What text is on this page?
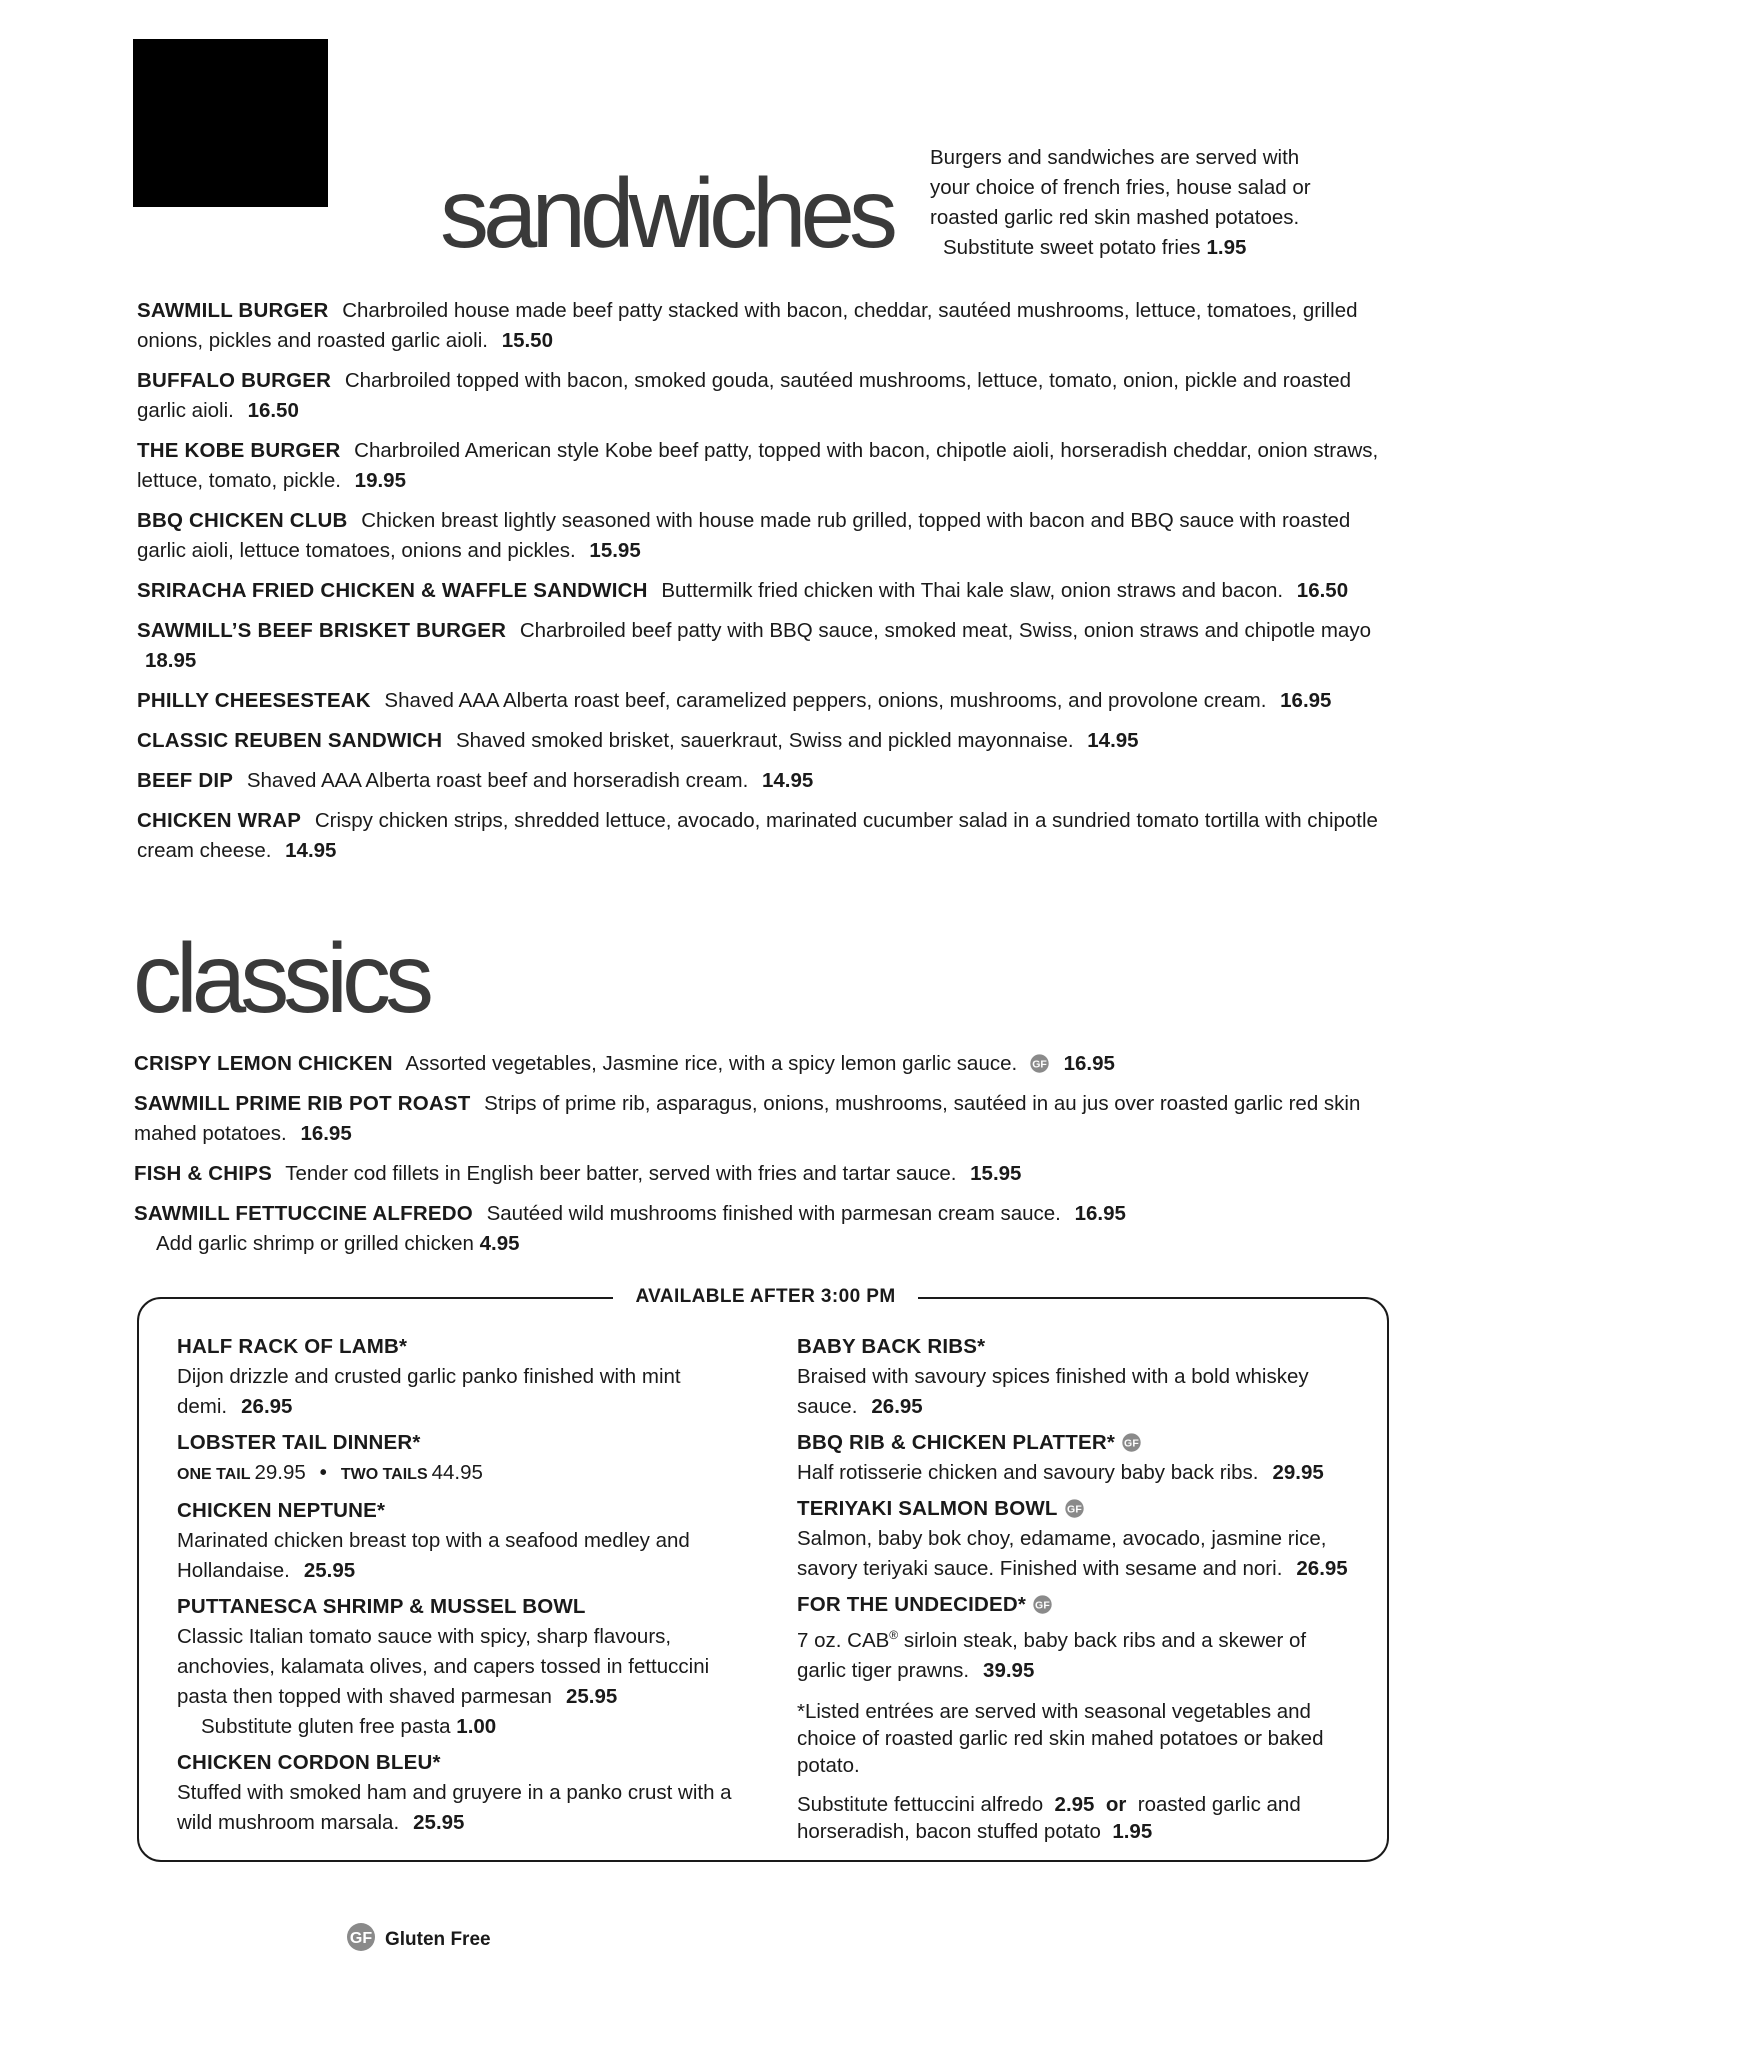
sandwiches
Burgers and sandwiches are served with
your choice of french fries, house salad or
roasted garlic red skin mashed potatoes.
Substitute sweet potato fries 1.95
SAWMILL BURGER Charbroiled house made beef patty stacked with bacon, cheddar, sautéed mushrooms, lettuce, tomatoes, grilled onions, pickles and roasted garlic aioli. 15.50
BUFFALO BURGER Charbroiled topped with bacon, smoked gouda, sautéed mushrooms, lettuce, tomato, onion, pickle and roasted garlic aioli. 16.50
THE KOBE BURGER Charbroiled American style Kobe beef patty, topped with bacon, chipotle aioli, horseradish cheddar, onion straws, lettuce, tomato, pickle. 19.95
BBQ CHICKEN CLUB Chicken breast lightly seasoned with house made rub grilled, topped with bacon and BBQ sauce with roasted garlic aioli, lettuce tomatoes, onions and pickles. 15.95
SRIRACHA FRIED CHICKEN & WAFFLE SANDWICH Buttermilk fried chicken with Thai kale slaw, onion straws and bacon. 16.50
SAWMILL’S BEEF BRISKET BURGER Charbroiled beef patty with BBQ sauce, smoked meat, Swiss, onion straws and chipotle mayo 18.95
PHILLY CHEESESTEAK Shaved AAA Alberta roast beef, caramelized peppers, onions, mushrooms, and provolone cream. 16.95
CLASSIC REUBEN SANDWICH Shaved smoked brisket, sauerkraut, Swiss and pickled mayonnaise. 14.95
BEEF DIP Shaved AAA Alberta roast beef and horseradish cream. 14.95
CHICKEN WRAP Crispy chicken strips, shredded lettuce, avocado, marinated cucumber salad in a sundried tomato tortilla with chipotle cream cheese. 14.95
classics
CRISPY LEMON CHICKEN Assorted vegetables, Jasmine rice, with a spicy lemon garlic sauce. GF 16.95
SAWMILL PRIME RIB POT ROAST Strips of prime rib, asparagus, onions, mushrooms, sautéed in au jus over roasted garlic red skin mahed potatoes. 16.95
FISH & CHIPS Tender cod fillets in English beer batter, served with fries and tartar sauce. 15.95
SAWMILL FETTUCCINE ALFREDO Sautéed wild mushrooms finished with parmesan cream sauce. 16.95
Add garlic shrimp or grilled chicken 4.95
AVAILABLE AFTER 3:00 PM
HALF RACK OF LAMB*
Dijon drizzle and crusted garlic panko finished with mint demi. 26.95
LOBSTER TAIL DINNER*
ONE TAIL 29.95 • TWO TAILS 44.95
CHICKEN NEPTUNE*
Marinated chicken breast top with a seafood medley and Hollandaise. 25.95
PUTTANESCA SHRIMP & MUSSEL BOWL
Classic Italian tomato sauce with spicy, sharp flavours, anchovies, kalamata olives, and capers tossed in fettuccini pasta then topped with shaved parmesan 25.95
Substitute gluten free pasta 1.00
CHICKEN CORDON BLEU*
Stuffed with smoked ham and gruyere in a panko crust with a wild mushroom marsala. 25.95
BABY BACK RIBS*
Braised with savoury spices finished with a bold whiskey sauce. 26.95
BBQ RIB & CHICKEN PLATTER* GF
Half rotisserie chicken and savoury baby back ribs. 29.95
TERIYAKI SALMON BOWL GF
Salmon, baby bok choy, edamame, avocado, jasmine rice, savory teriyaki sauce. Finished with sesame and nori. 26.95
FOR THE UNDECIDED* GF
7 oz. CAB® sirloin steak, baby back ribs and a skewer of garlic tiger prawns. 39.95
*Listed entrées are served with seasonal vegetables and choice of roasted garlic red skin mahed potatoes or baked potato.
Substitute fettuccini alfredo 2.95 or roasted garlic and horseradish, bacon stuffed potato 1.95
GF Gluten Free
